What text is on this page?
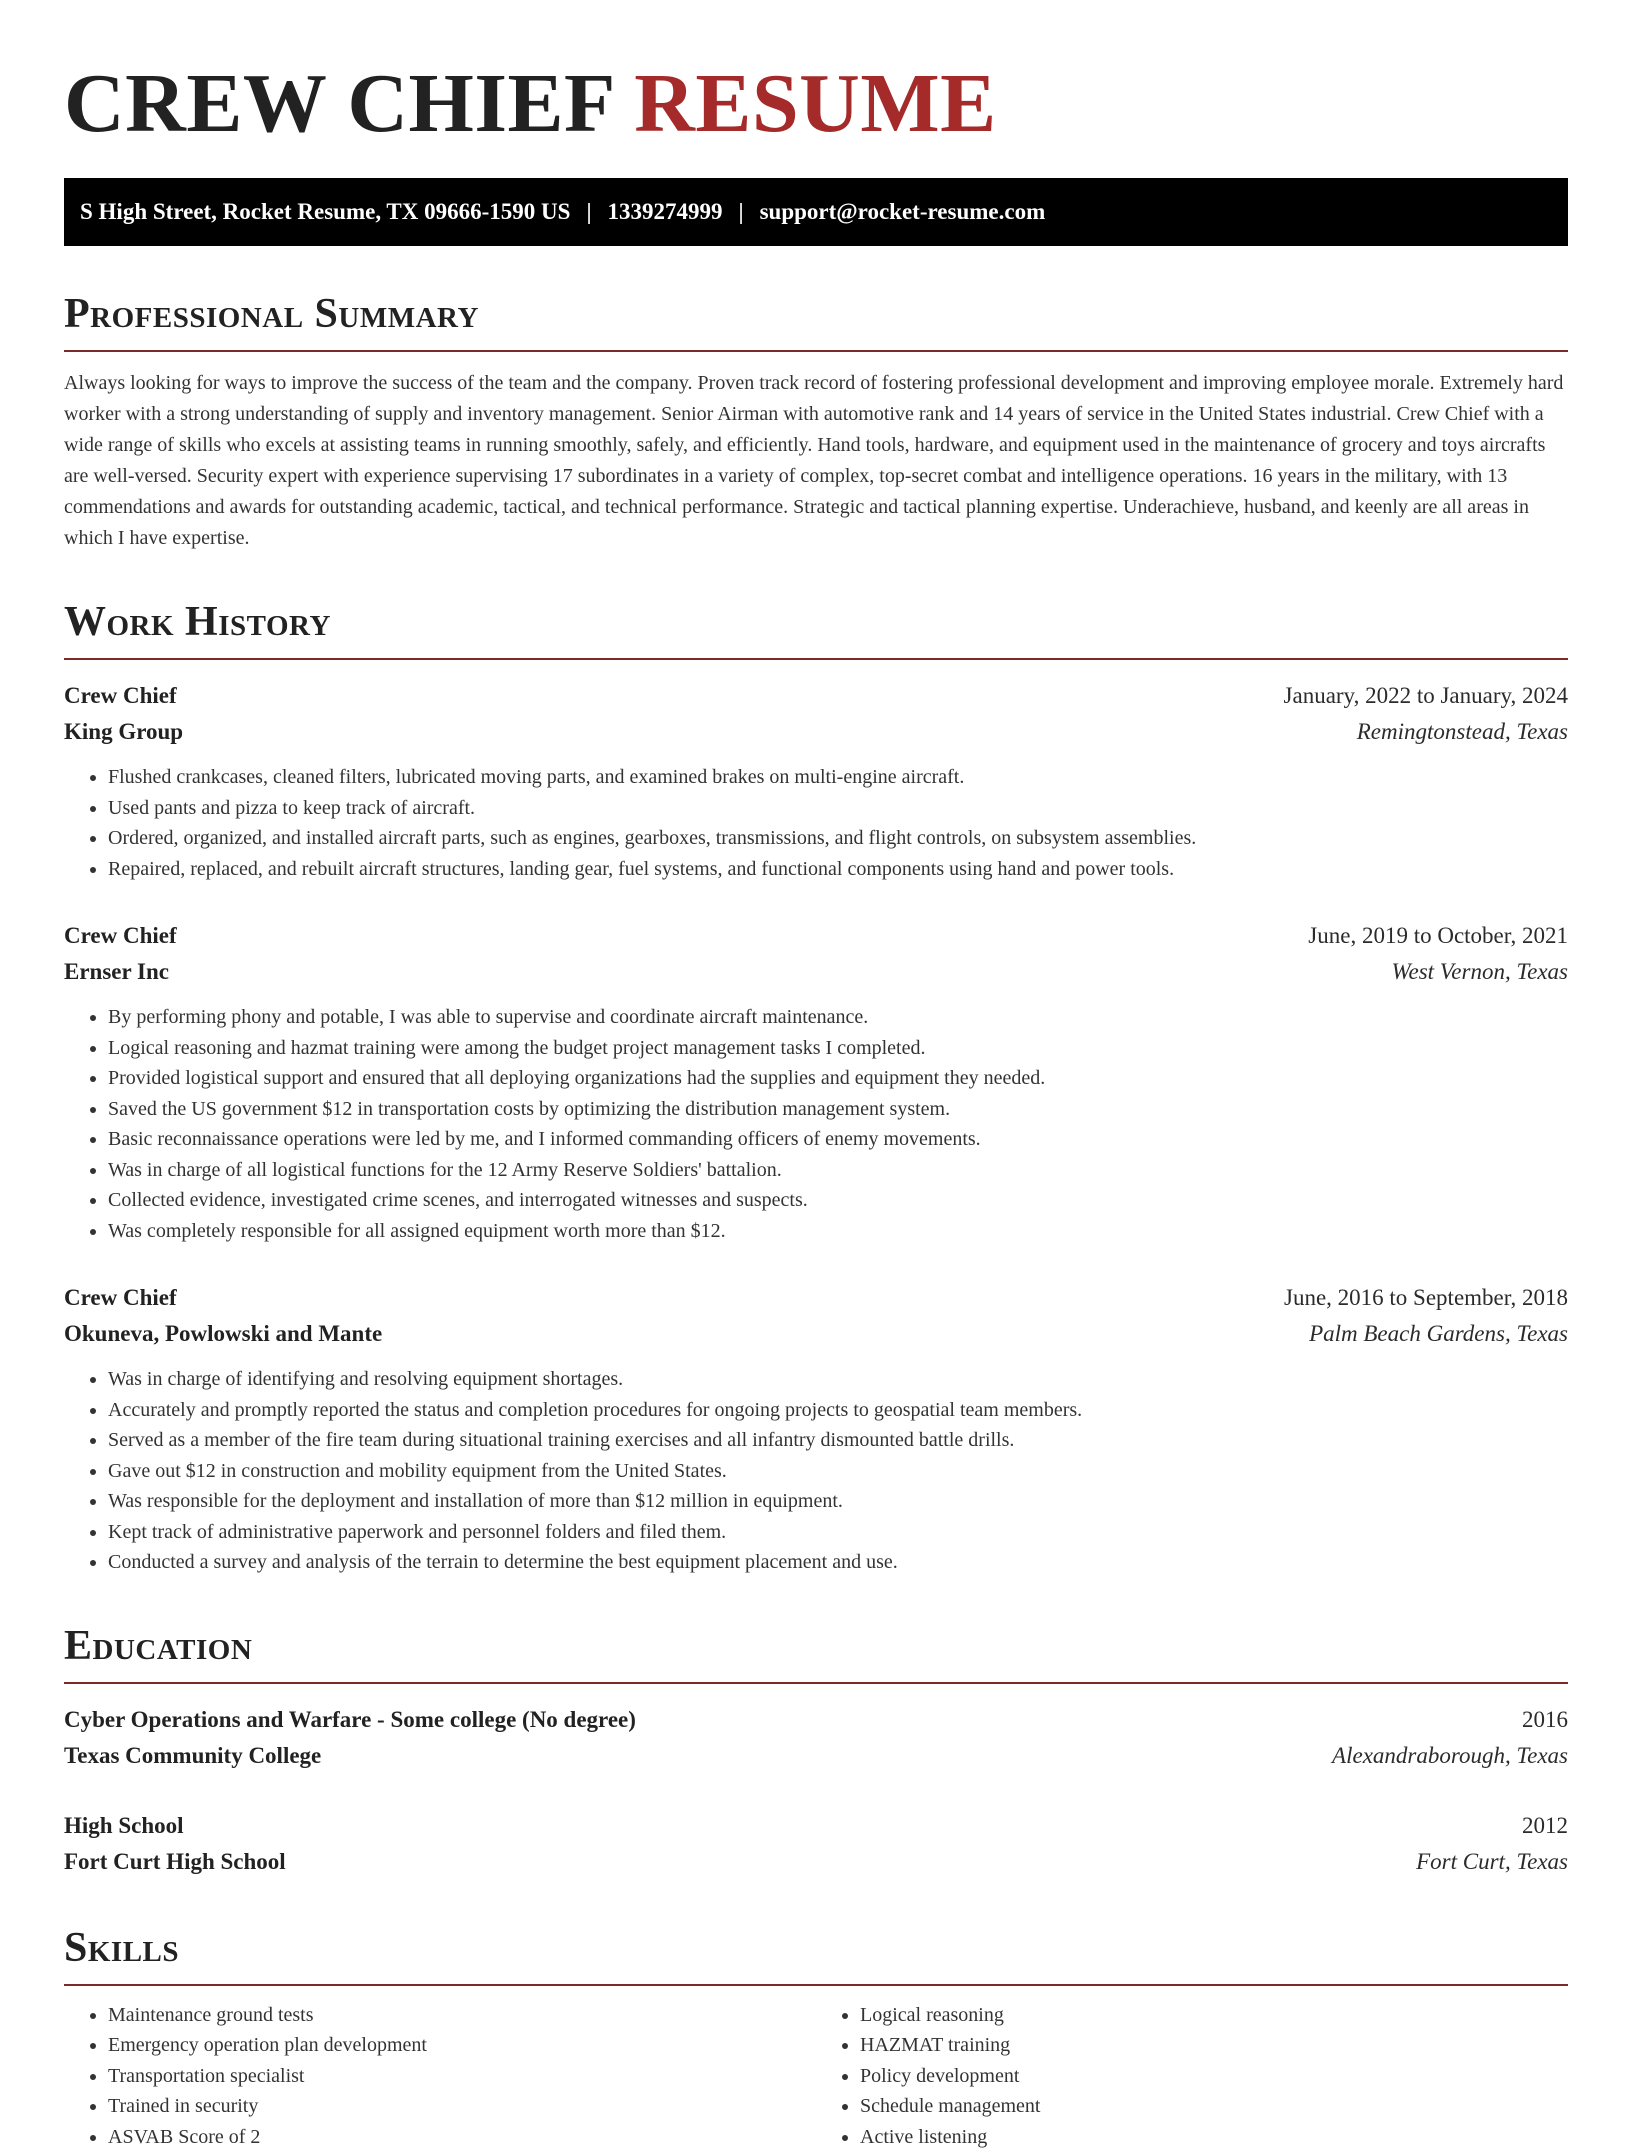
CREW CHIEF RESUME
S High Street, Rocket Resume, TX 09666-1590 US | 1339274999 | support@rocket-resume.com
Professional Summary

Always looking for ways to improve the success of the team and the company. Proven track record of fostering professional development and improving employee morale. Extremely hard worker with a strong understanding of supply and inventory management. Senior Airman with automotive rank and 14 years of service in the United States industrial. Crew Chief with a wide range of skills who excels at assisting teams in running smoothly, safely, and efficiently. Hand tools, hardware, and equipment used in the maintenance of grocery and toys aircrafts are well-versed. Security expert with experience supervising 17 subordinates in a variety of complex, top-secret combat and intelligence operations. 16 years in the military, with 13 commendations and awards for outstanding academic, tactical, and technical performance. Strategic and tactical planning expertise. Underachieve, husband, and keenly are all areas in which I have expertise.

Work History
Crew Chief	January, 2022 to January, 2024
King Group	Remingtonstead, Texas
• Flushed crankcases, cleaned filters, lubricated moving parts, and examined brakes on multi-engine aircraft.
• Used pants and pizza to keep track of aircraft.
• Ordered, organized, and installed aircraft parts, such as engines, gearboxes, transmissions, and flight controls, on subsystem assemblies.
• Repaired, replaced, and rebuilt aircraft structures, landing gear, fuel systems, and functional components using hand and power tools.
Crew Chief	June, 2019 to October, 2021
Ernser Inc	West Vernon, Texas
• By performing phony and potable, I was able to supervise and coordinate aircraft maintenance.
• Logical reasoning and hazmat training were among the budget project management tasks I completed.
• Provided logistical support and ensured that all deploying organizations had the supplies and equipment they needed.
• Saved the US government $12 in transportation costs by optimizing the distribution management system.
• Basic reconnaissance operations were led by me, and I informed commanding officers of enemy movements.
• Was in charge of all logistical functions for the 12 Army Reserve Soldiers' battalion.
• Collected evidence, investigated crime scenes, and interrogated witnesses and suspects.
• Was completely responsible for all assigned equipment worth more than $12.
Crew Chief	June, 2016 to September, 2018
Okuneva, Powlowski and Mante	Palm Beach Gardens, Texas
• Was in charge of identifying and resolving equipment shortages.
• Accurately and promptly reported the status and completion procedures for ongoing projects to geospatial team members.
• Served as a member of the fire team during situational training exercises and all infantry dismounted battle drills.
• Gave out $12 in construction and mobility equipment from the United States.
• Was responsible for the deployment and installation of more than $12 million in equipment.
• Kept track of administrative paperwork and personnel folders and filed them.
• Conducted a survey and analysis of the terrain to determine the best equipment placement and use.
Education
Cyber Operations and Warfare - Some college (No degree)	2016
Texas Community College	Alexandraborough, Texas
High School	2012
Fort Curt High School	Fort Curt, Texas
Skills
• Maintenance ground tests
• Emergency operation plan development
• Transportation specialist
• Trained in security
• ASVAB Score of 2
• Logical reasoning
• HAZMAT training
• Policy development
• Schedule management
• Active listening
